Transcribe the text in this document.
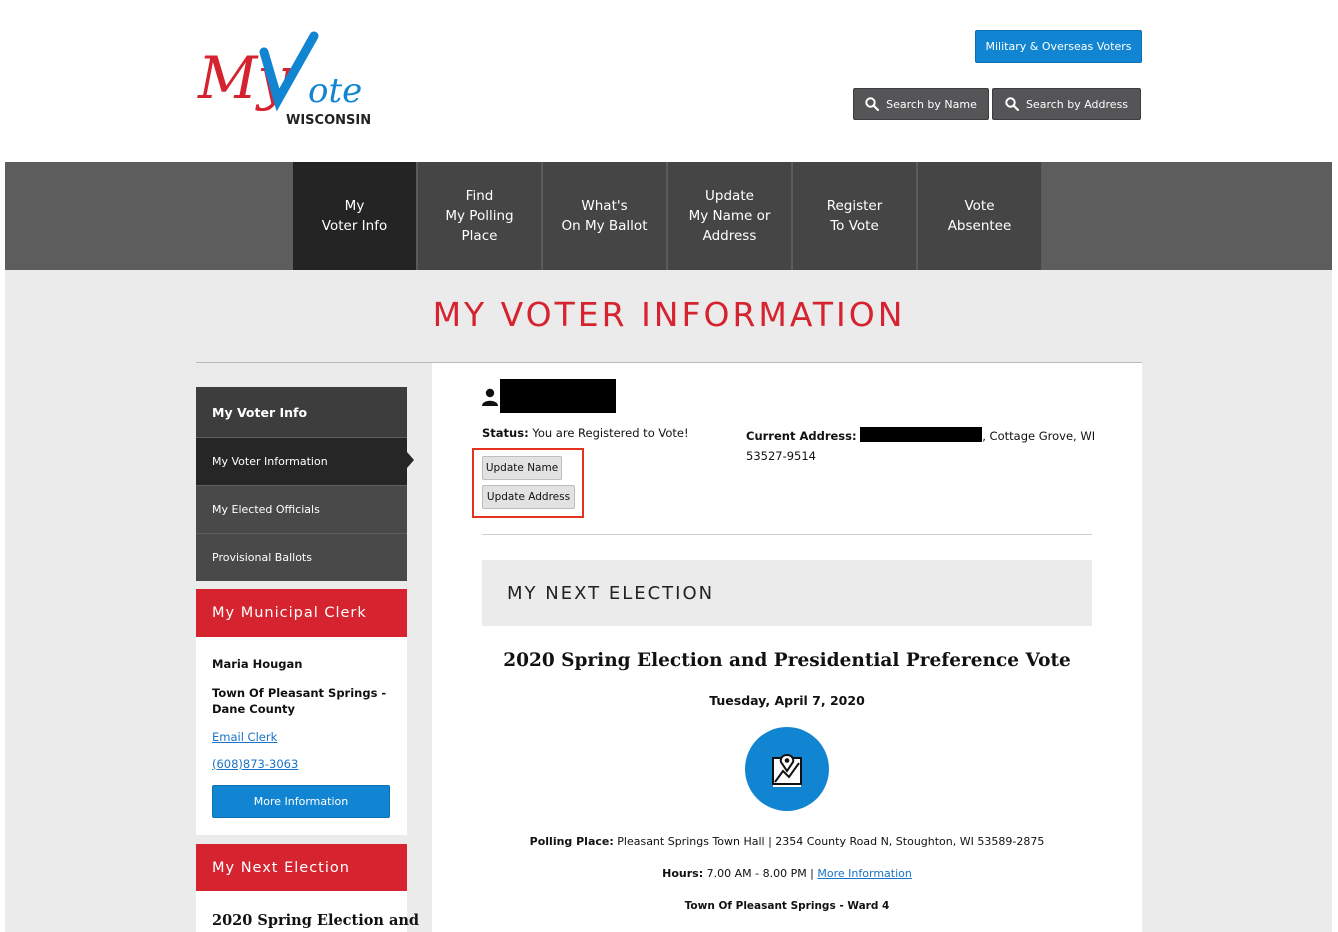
My ote
WISCONSIN
Military & Overseas Voters
Search by Name	Search by Address
My
Voter Info
Find
My Polling
Place
What's
On My Ballot
Update
My Name or
Address
Register
To Vote
Vote
Absentee
MY VOTER INFORMATION
My Voter Info
My Voter Information
My Elected Officials
Provisional Ballots
My Municipal Clerk
Maria Hougan
Town Of Pleasant Springs - Dane County
Email Clerk
(608)873-3063
More Information
My Next Election
2020 Spring Election and
Status: You are Registered to Vote!	Current Address:	, Cottage Grove, WI
53527-9514
Update Name
Update Address
MY NEXT ELECTION
2020 Spring Election and Presidential Preference Vote
Tuesday, April 7, 2020
Polling Place: Pleasant Springs Town Hall | 2354 County Road N, Stoughton, WI 53589-2875
Hours: 7.00 AM - 8.00 PM | More Information
Town Of Pleasant Springs - Ward 4
